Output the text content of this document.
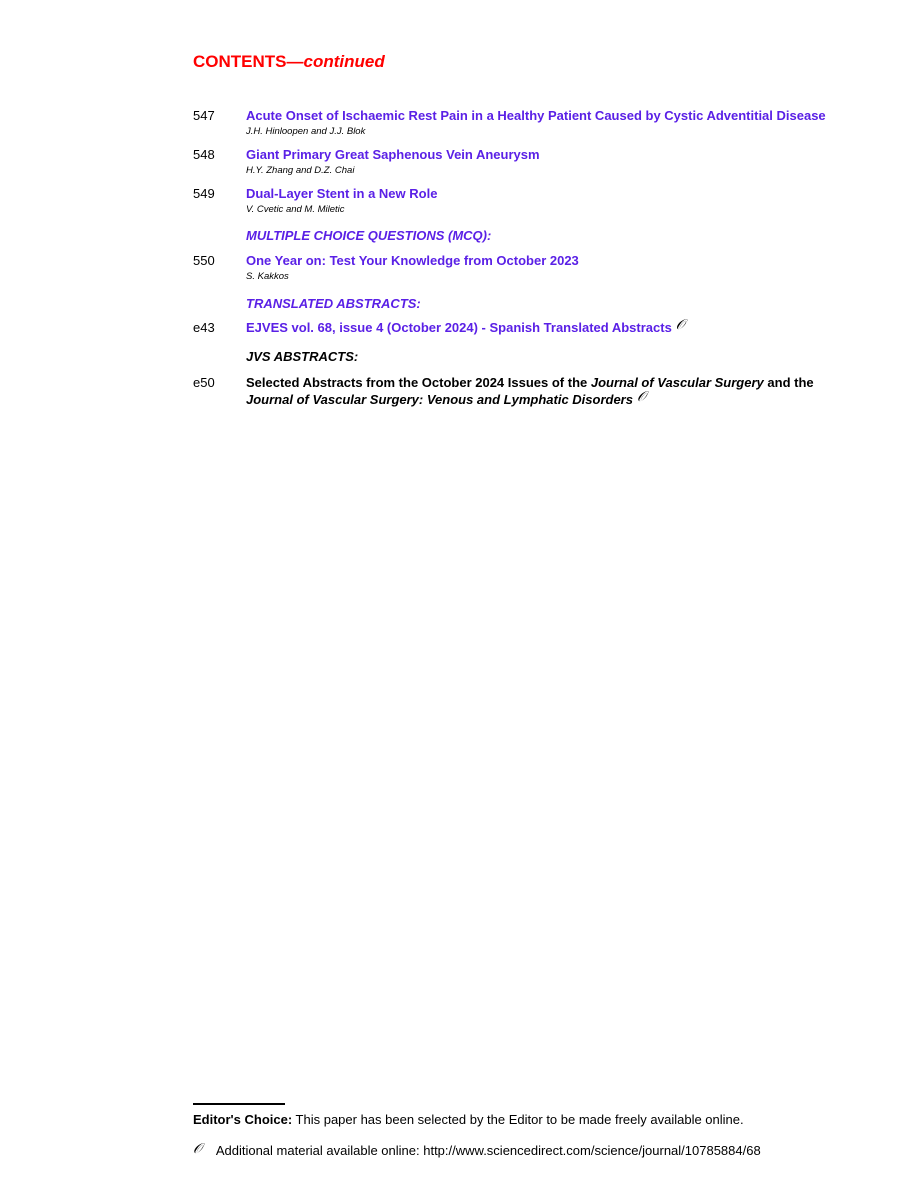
CONTENTS—continued
547	Acute Onset of Ischaemic Rest Pain in a Healthy Patient Caused by Cystic Adventitial Disease
J.H. Hinloopen and J.J. Blok
548	Giant Primary Great Saphenous Vein Aneurysm
H.Y. Zhang and D.Z. Chai
549	Dual-Layer Stent in a New Role
V. Cvetic and M. Miletic
MULTIPLE CHOICE QUESTIONS (MCQ):
550	One Year on: Test Your Knowledge from October 2023
S. Kakkos
TRANSLATED ABSTRACTS:
e43	EJVES vol. 68, issue 4 (October 2024) - Spanish Translated Abstracts 𝒪
JVS ABSTRACTS:
e50	Selected Abstracts from the October 2024 Issues of the Journal of Vascular Surgery and the
Journal of Vascular Surgery: Venous and Lymphatic Disorders 𝒪
Editor's Choice: This paper has been selected by the Editor to be made freely available online.
𝒪 Additional material available online: http://www.sciencedirect.com/science/journal/10785884/68
